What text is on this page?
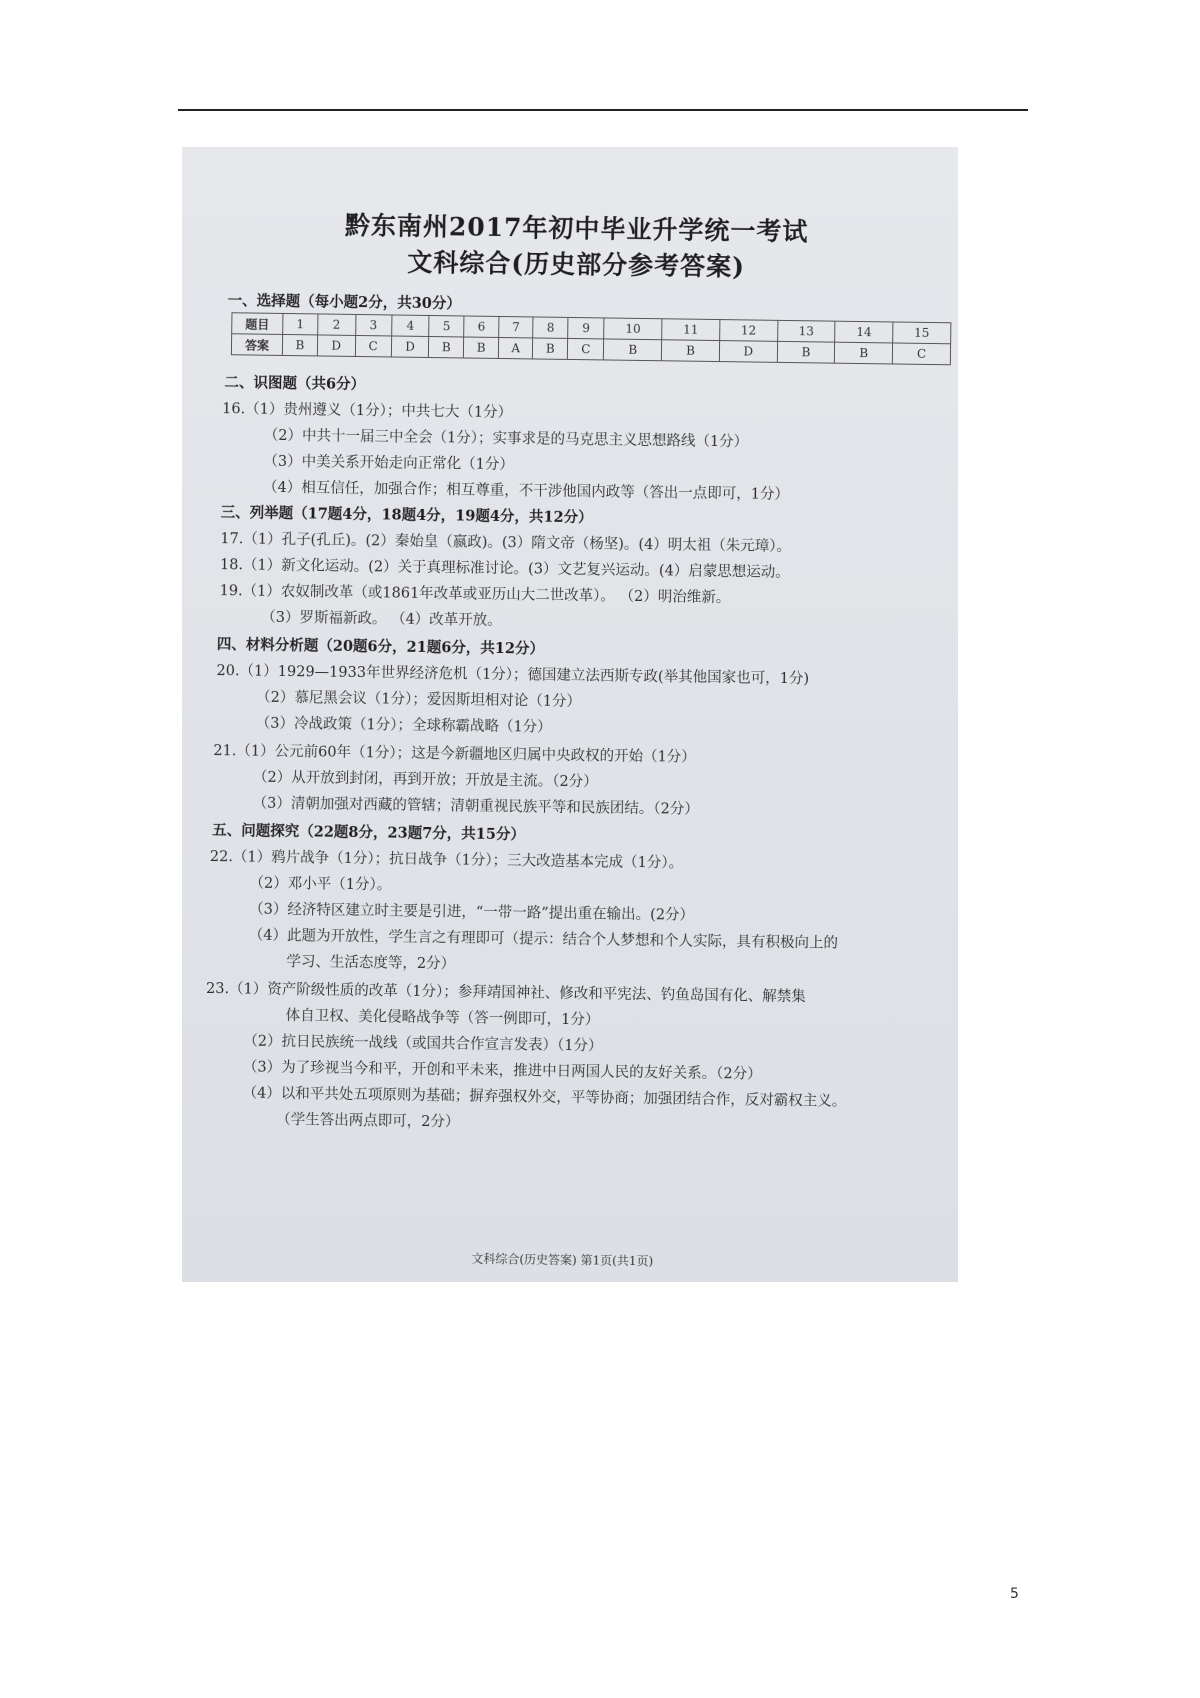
黔东南州2017年初中毕业升学统一考试
文科综合(历史部分参考答案)
一、选择题（每小题2分，共30分）
题目	1	2	3	4	5	6	7	8	9	10	11	12	13	14	15
答案	B	D	C	D	B	B	A	B	C	B	B	D	B	B	C
二、识图题（共6分）
16.（1）贵州遵义（1分）；中共七大（1分）
（2）中共十一届三中全会（1分）；实事求是的马克思主义思想路线（1分）
（3）中美关系开始走向正常化（1分）
（4）相互信任，加强合作；相互尊重，不干涉他国内政等（答出一点即可，1分）
三、列举题（17题4分，18题4分，19题4分，共12分）
17.（1）孔子(孔丘)。(2）秦始皇（嬴政)。(3）隋文帝（杨坚)。(4）明太祖（朱元璋）。
18.（1）新文化运动。(2）关于真理标准讨论。(3）文艺复兴运动。(4）启蒙思想运动。
19.（1）农奴制改革（或1861年改革或亚历山大二世改革）。 （2）明治维新。
（3）罗斯福新政。 （4）改革开放。
四、材料分析题（20题6分，21题6分，共12分）
20.（1）1929—1933年世界经济危机（1分）；德国建立法西斯专政(举其他国家也可，1分)
（2）慕尼黑会议（1分）；爱因斯坦相对论（1分）
（3）冷战政策（1分）；全球称霸战略（1分）
21.（1）公元前60年（1分）；这是今新疆地区归属中央政权的开始（1分）
（2）从开放到封闭，再到开放；开放是主流。（2分）
（3）清朝加强对西藏的管辖；清朝重视民族平等和民族团结。（2分）
五、问题探究（22题8分，23题7分，共15分）
22.（1）鸦片战争（1分）；抗日战争（1分）；三大改造基本完成（1分）。
（2）邓小平（1分）。
（3）经济特区建立时主要是引进，“一带一路”提出重在输出。(2分）
（4）此题为开放性，学生言之有理即可（提示：结合个人梦想和个人实际，具有积极向上的
学习、生活态度等，2分）
23.（1）资产阶级性质的改革（1分）；参拜靖国神社、修改和平宪法、钓鱼岛国有化、解禁集
体自卫权、美化侵略战争等（答一例即可，1分）
（2）抗日民族统一战线（或国共合作宣言发表）（1分）
（3）为了珍视当今和平，开创和平未来，推进中日两国人民的友好关系。（2分）
（4）以和平共处五项原则为基础；摒弃强权外交，平等协商；加强团结合作，反对霸权主义。
（学生答出两点即可，2分）
文科综合(历史答案) 第1页(共1页)
5
